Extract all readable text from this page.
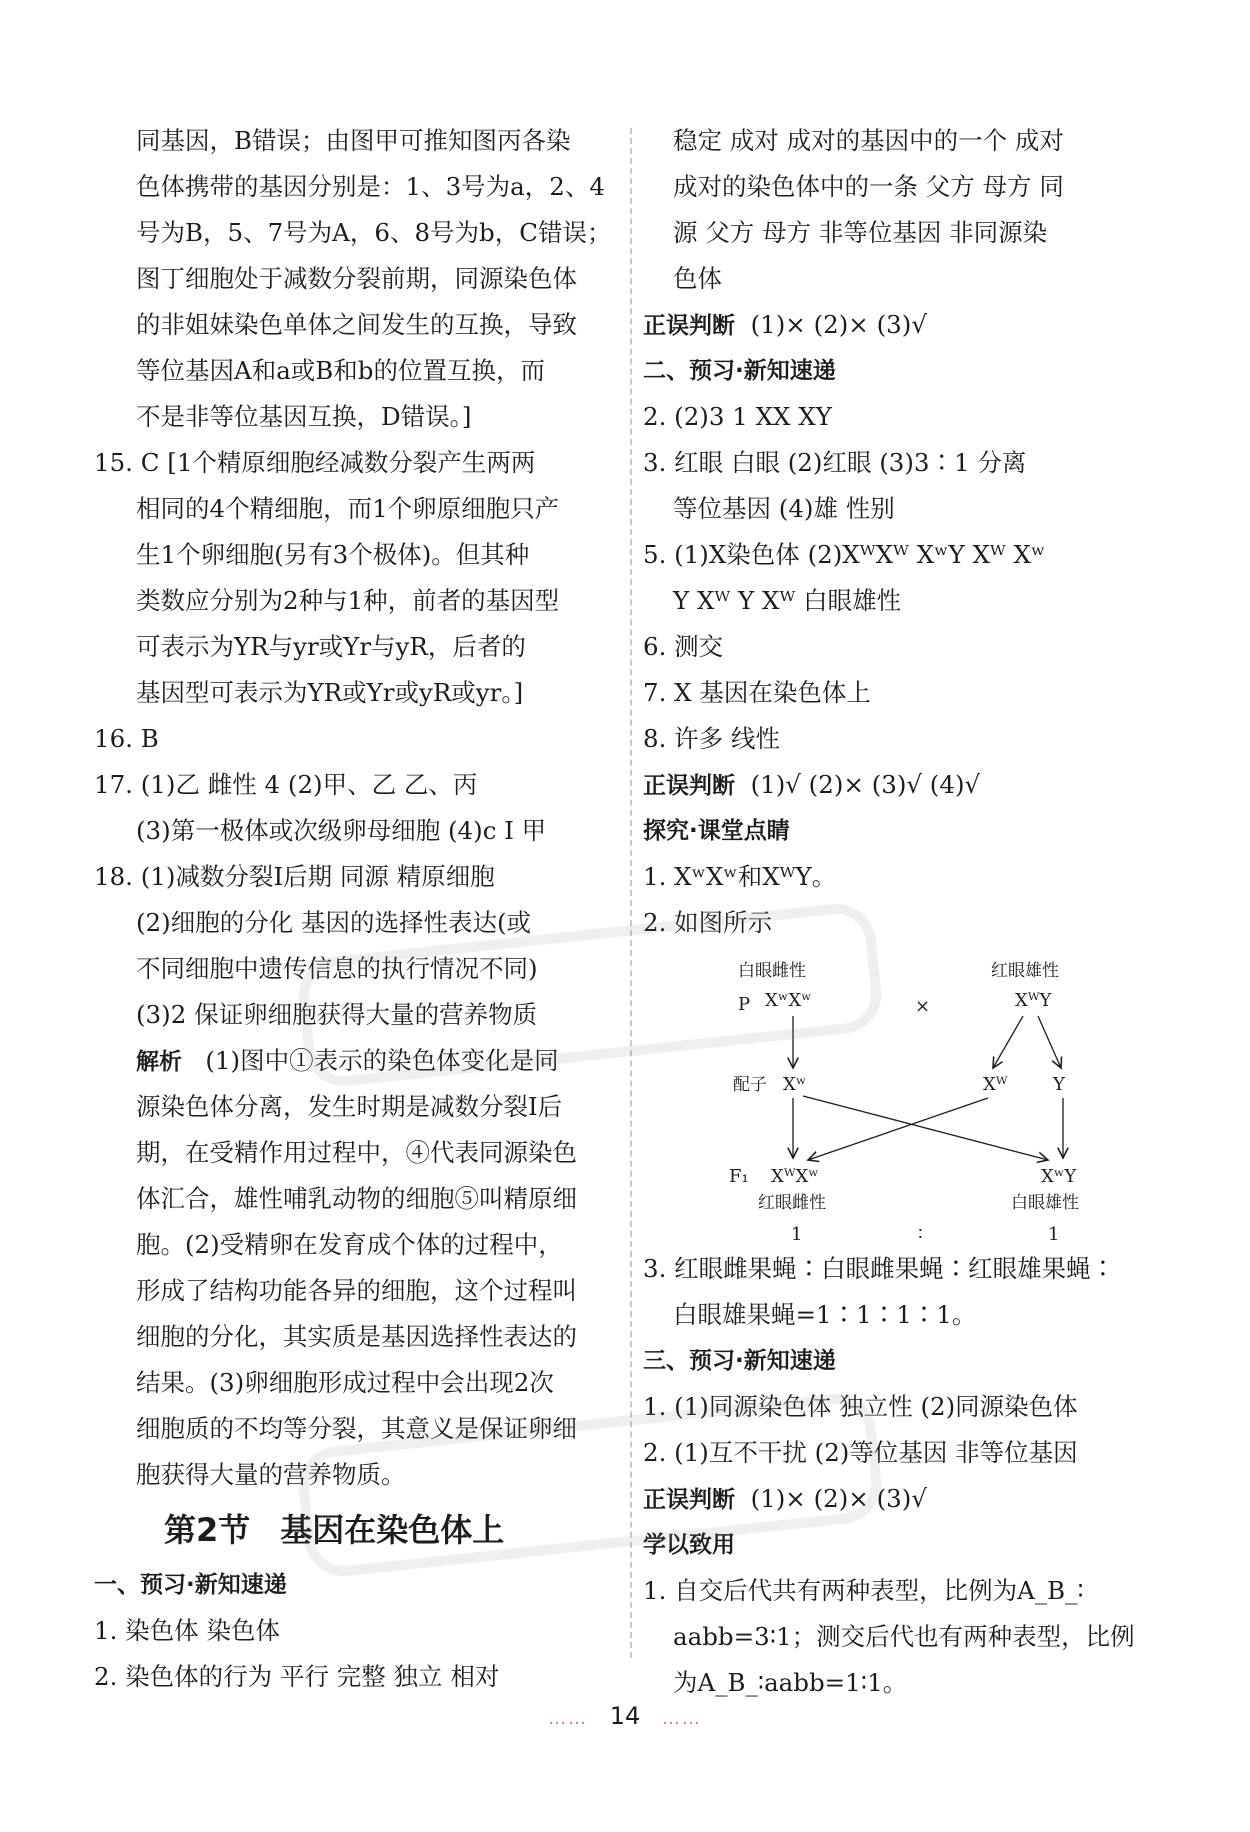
同基因，B错误；由图甲可推知图丙各染
色体携带的基因分别是：1、3号为a，2、4
号为B，5、7号为A，6、8号为b，C错误；
图丁细胞处于减数分裂前期，同源染色体
的非姐妹染色单体之间发生的互换，导致
等位基因A和a或B和b的位置互换，而
不是非等位基因互换，D错误。]
15. C [1个精原细胞经减数分裂产生两两
相同的4个精细胞，而1个卵原细胞只产
生1个卵细胞(另有3个极体)。但其种
类数应分别为2种与1种，前者的基因型
可表示为YR与yr或Yr与yR，后者的
基因型可表示为YR或Yr或yR或yr。]
16. B
17. (1)乙 雌性 4 (2)甲、乙 乙、丙
(3)第一极体或次级卵母细胞 (4)c Ⅰ 甲
18. (1)减数分裂Ⅰ后期 同源 精原细胞
(2)细胞的分化 基因的选择性表达(或
不同细胞中遗传信息的执行情况不同)
(3)2 保证卵细胞获得大量的营养物质
解析 (1)图中①表示的染色体变化是同
源染色体分离，发生时期是减数分裂Ⅰ后
期，在受精作用过程中，④代表同源染色
体汇合，雄性哺乳动物的细胞⑤叫精原细
胞。(2)受精卵在发育成个体的过程中，
形成了结构功能各异的细胞，这个过程叫
细胞的分化，其实质是基因选择性表达的
结果。(3)卵细胞形成过程中会出现2次
细胞质的不均等分裂，其意义是保证卵细
胞获得大量的营养物质。
第2节 基因在染色体上
一、预习·新知速递
1. 染色体 染色体
2. 染色体的行为 平行 完整 独立 相对
稳定 成对 成对的基因中的一个 成对
成对的染色体中的一条 父方 母方 同
源 父方 母方 非等位基因 非同源染
色体
正误判断 (1)× (2)× (3)√
二、预习·新知速递
2. (2)3 1 XX XY
3. 红眼 白眼 (2)红眼 (3)3∶1 分离
等位基因 (4)雄 性别
5. (1)X染色体 (2)XᵂXᵂ XʷY Xᵂ Xʷ
Y Xᵂ Y Xᵂ 白眼雄性
6. 测交
7. X 基因在染色体上
8. 许多 线性
正误判断 (1)√ (2)× (3)√ (4)√
探究·课堂点睛
1. XʷXʷ和XᵂY。
2. 如图所示
白眼雌性	红眼雄性
P XʷXʷ	×	XᵂY
配子 Xʷ	Xᵂ	Y
F₁ XᵂXʷ	XʷY
红眼雌性	白眼雄性
1	∶	1
3. 红眼雌果蝇∶白眼雌果蝇∶红眼雄果蝇∶
白眼雄果蝇=1∶1∶1∶1。
三、预习·新知速递
1. (1)同源染色体 独立性 (2)同源染色体
2. (1)互不干扰 (2)等位基因 非等位基因
正误判断 (1)× (2)× (3)√
学以致用
1. 自交后代共有两种表型，比例为A_B_∶
aabb=3∶1；测交后代也有两种表型，比例
为A_B_∶aabb=1∶1。
…… 14 ……
